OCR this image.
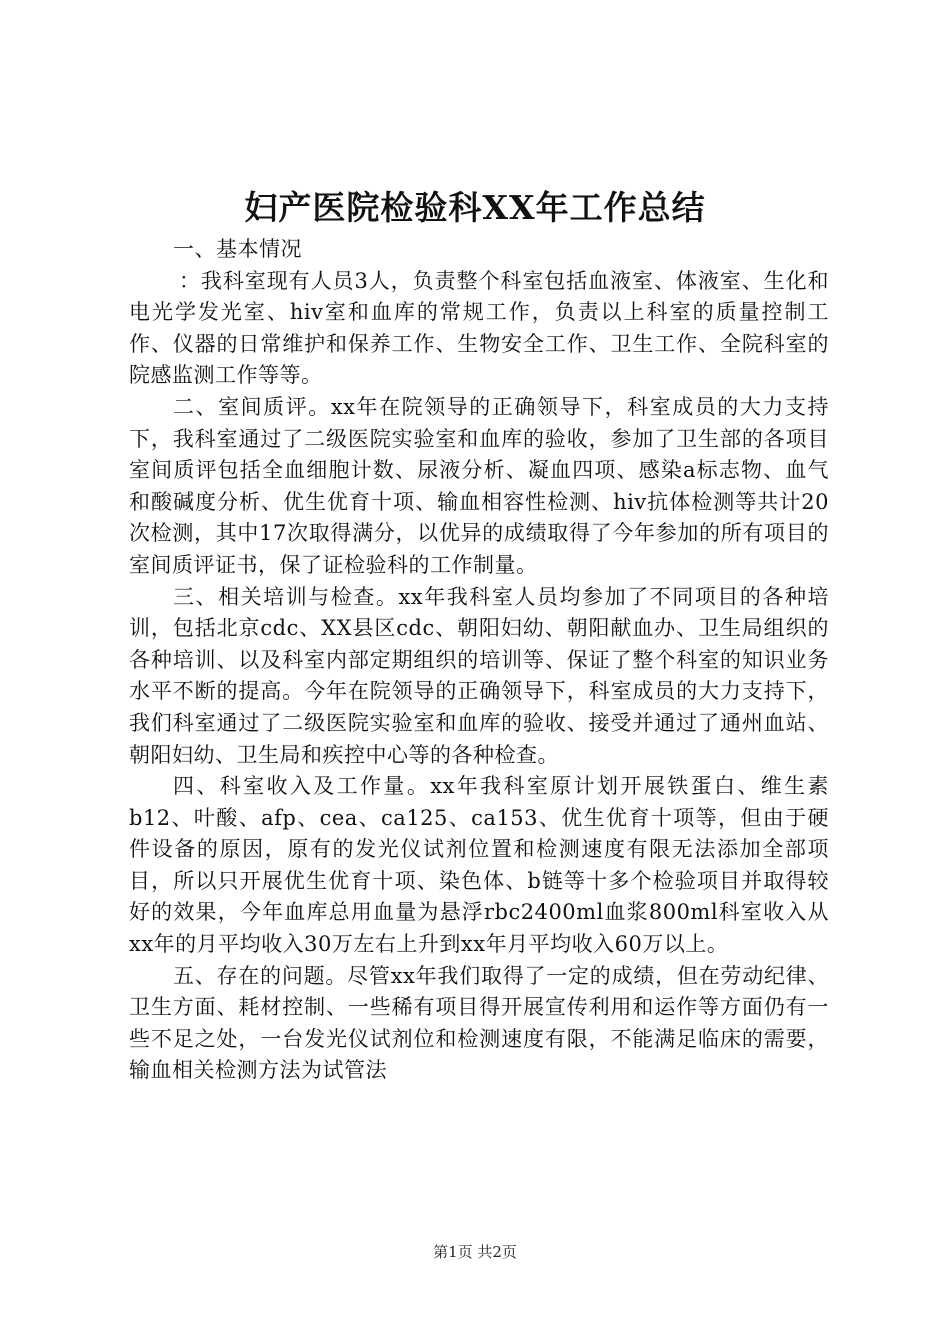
妇产医院检验科XX年工作总结

一、基本情况

：我科室现有人员3人，负责整个科室包括血液室、体液室、生化和电光学发光室、hiv室和血库的常规工作，负责以上科室的质量控制工作、仪器的日常维护和保养工作、生物安全工作、卫生工作、全院科室的院感监测工作等等。

二、室间质评。xx年在院领导的正确领导下，科室成员的大力支持下，我科室通过了二级医院实验室和血库的验收，参加了卫生部的各项目室间质评包括全血细胞计数、尿液分析、凝血四项、感染a标志物、血气和酸碱度分析、优生优育十项、输血相容性检测、hiv抗体检测等共计20次检测，其中17次取得满分，以优异的成绩取得了今年参加的所有项目的室间质评证书，保了证检验科的工作制量。

三、相关培训与检查。xx年我科室人员均参加了不同项目的各种培训，包括北京cdc、XX县区cdc、朝阳妇幼、朝阳献血办、卫生局组织的各种培训、以及科室内部定期组织的培训等、保证了整个科室的知识业务水平不断的提高。今年在院领导的正确领导下，科室成员的大力支持下，我们科室通过了二级医院实验室和血库的验收、接受并通过了通州血站、朝阳妇幼、卫生局和疾控中心等的各种检查。

四、科室收入及工作量。xx年我科室原计划开展铁蛋白、维生素b12、叶酸、afp、cea、ca125、ca153、优生优育十项等，但由于硬件设备的原因，原有的发光仪试剂位置和检测速度有限无法添加全部项目，所以只开展优生优育十项、染色体、b链等十多个检验项目并取得较好的效果，今年血库总用血量为悬浮rbc2400ml血浆800ml科室收入从xx年的月平均收入30万左右上升到xx年月平均收入60万以上。

五、存在的问题。尽管xx年我们取得了一定的成绩，但在劳动纪律、卫生方面、耗材控制、一些稀有项目得开展宣传利用和运作等方面仍有一些不足之处，一台发光仪试剂位和检测速度有限，不能满足临床的需要，输血相关检测方法为试管法

第1页 共2页
